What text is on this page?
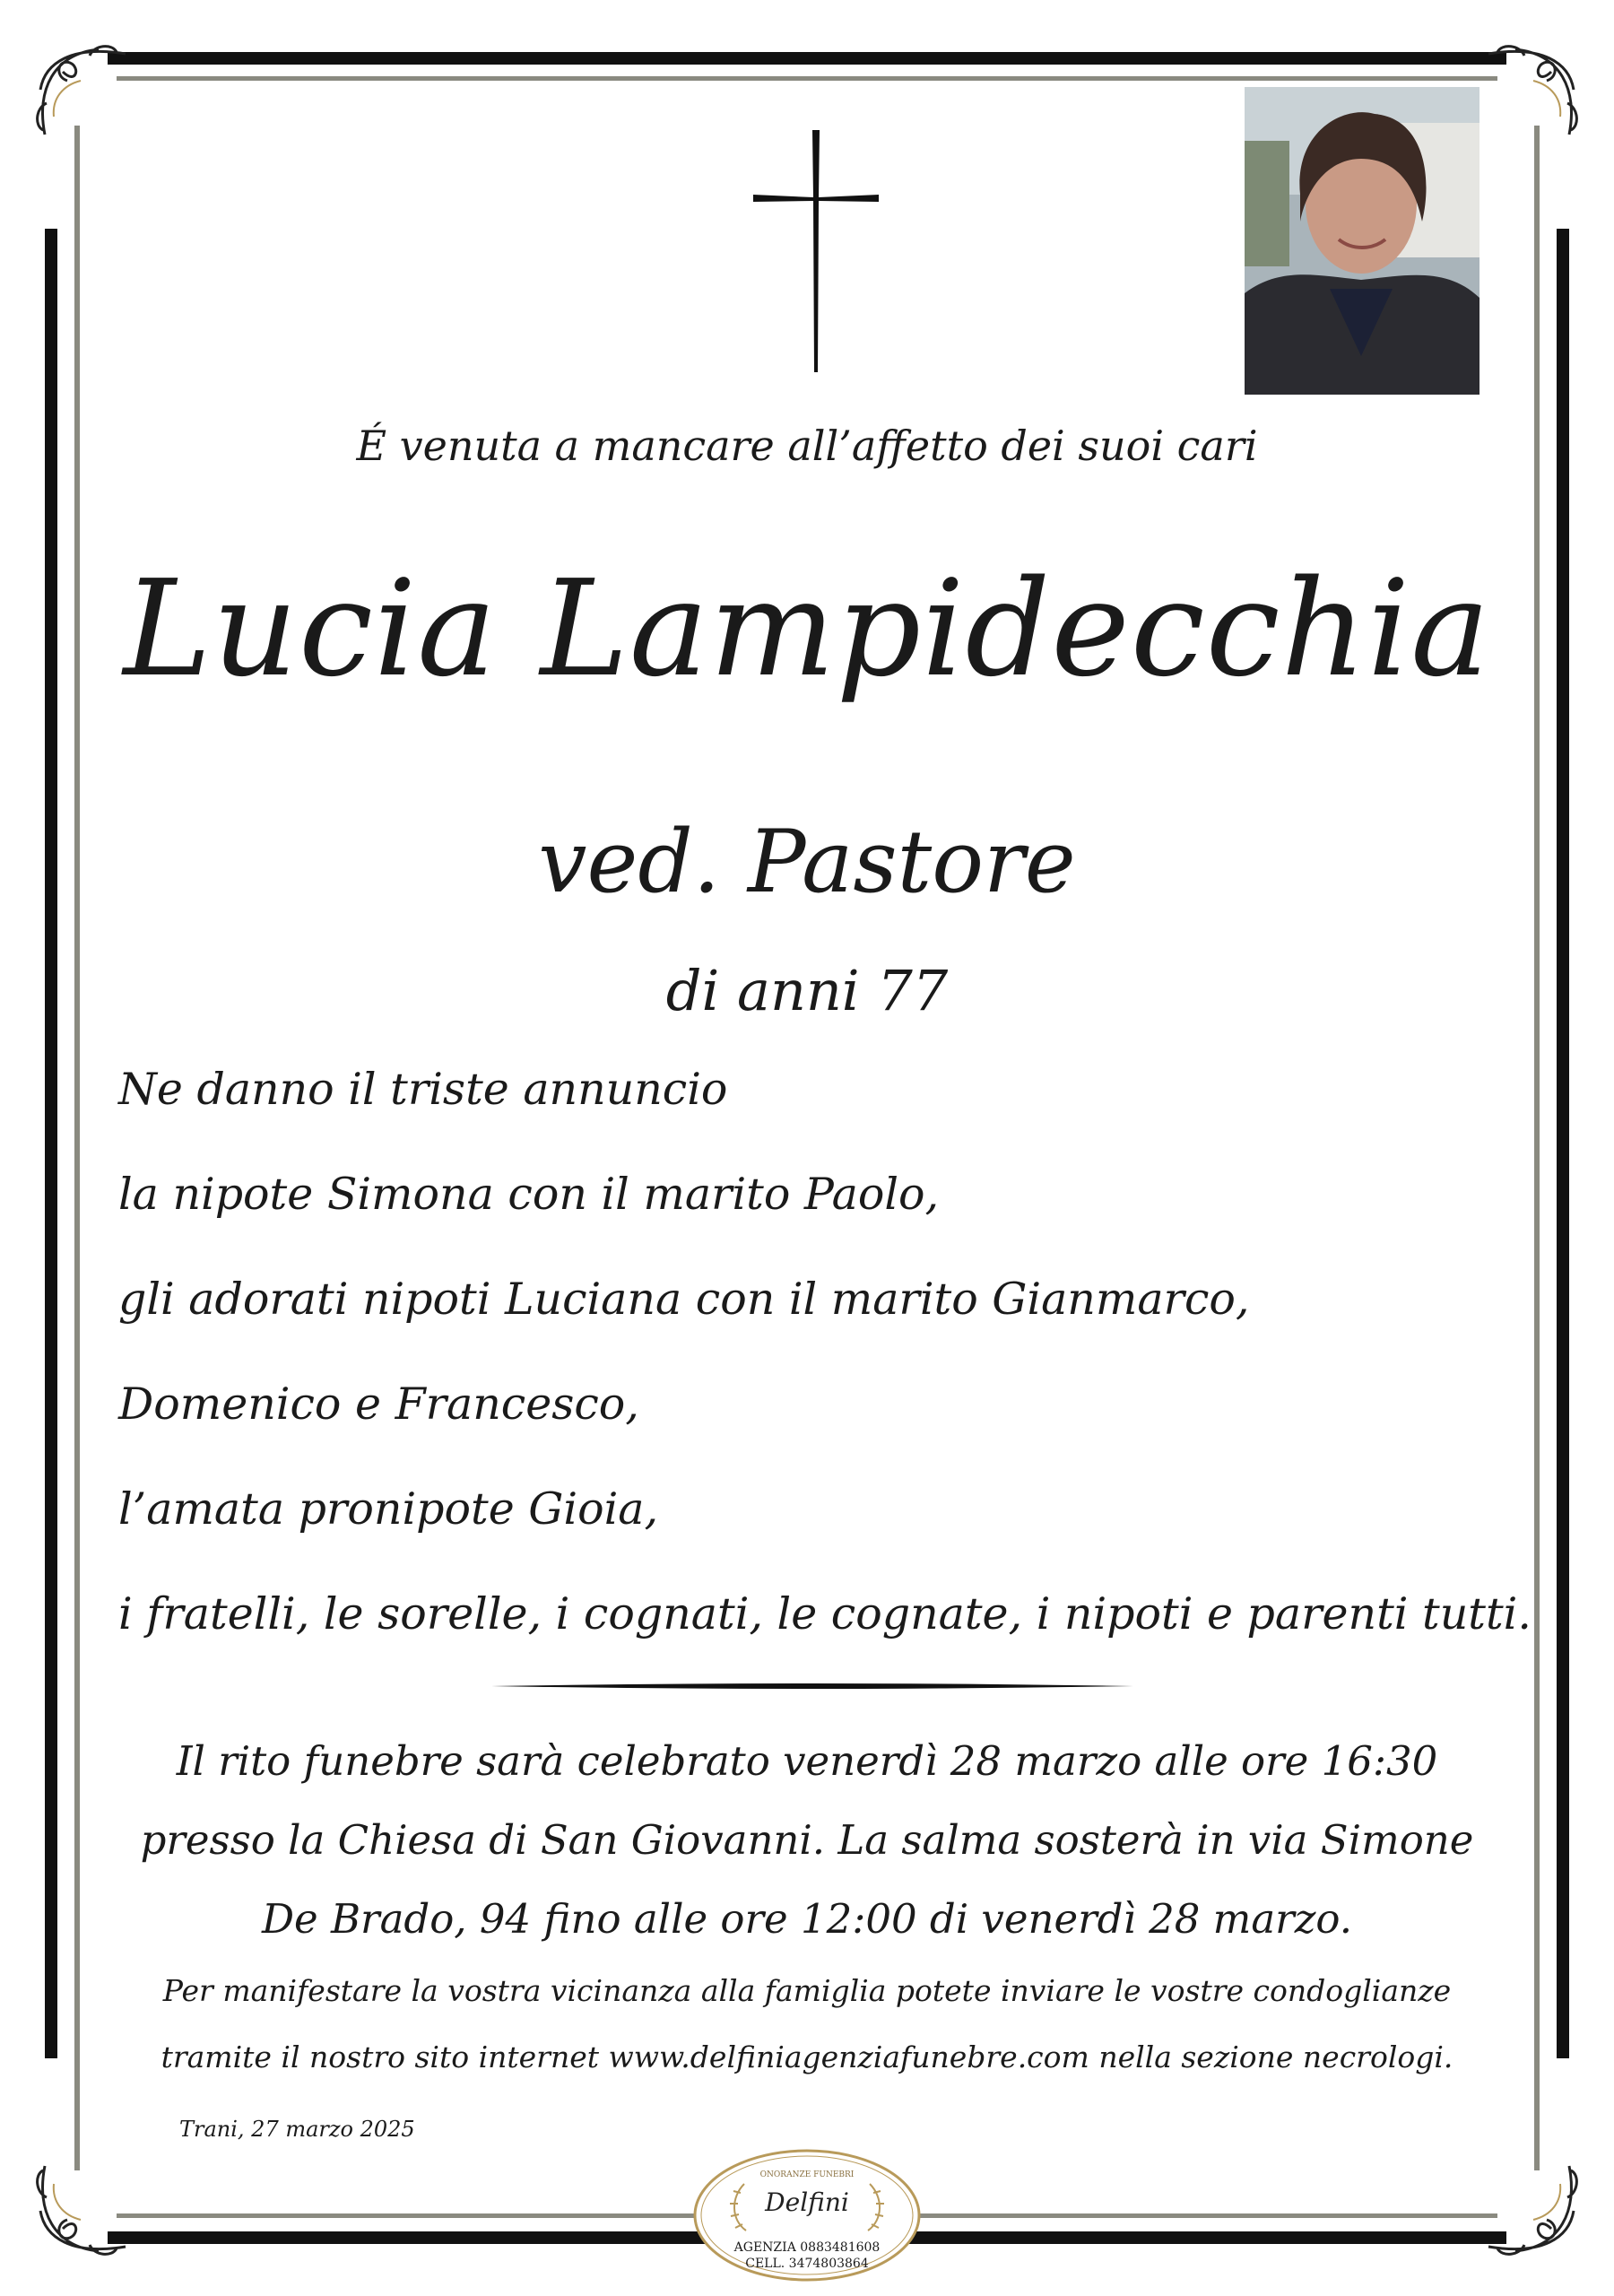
É venuta a mancare all’affetto dei suoi cari
Lucia Lampidecchia
ved. Pastore
di anni 77
Ne danno il triste annuncio
la nipote Simona con il marito Paolo,
gli adorati nipoti Luciana con il marito Gianmarco,
Domenico e Francesco,
l’amata pronipote Gioia,
i fratelli, le sorelle, i cognati, le cognate, i nipoti e parenti tutti.
Il rito funebre sarà celebrato venerdì 28 marzo alle ore 16:30
presso la Chiesa di San Giovanni. La salma sosterà in via Simone
De Brado, 94 fino alle ore 12:00 di venerdì 28 marzo.
Per manifestare la vostra vicinanza alla famiglia potete inviare le vostre condoglianze
tramite il nostro sito internet www.delfiniagenziafunebre.com nella sezione necrologi.
Trani, 27 marzo 2025
ONORANZE FUNEBRI
Delfini
AGENZIA 0883481608
CELL. 3474803864
